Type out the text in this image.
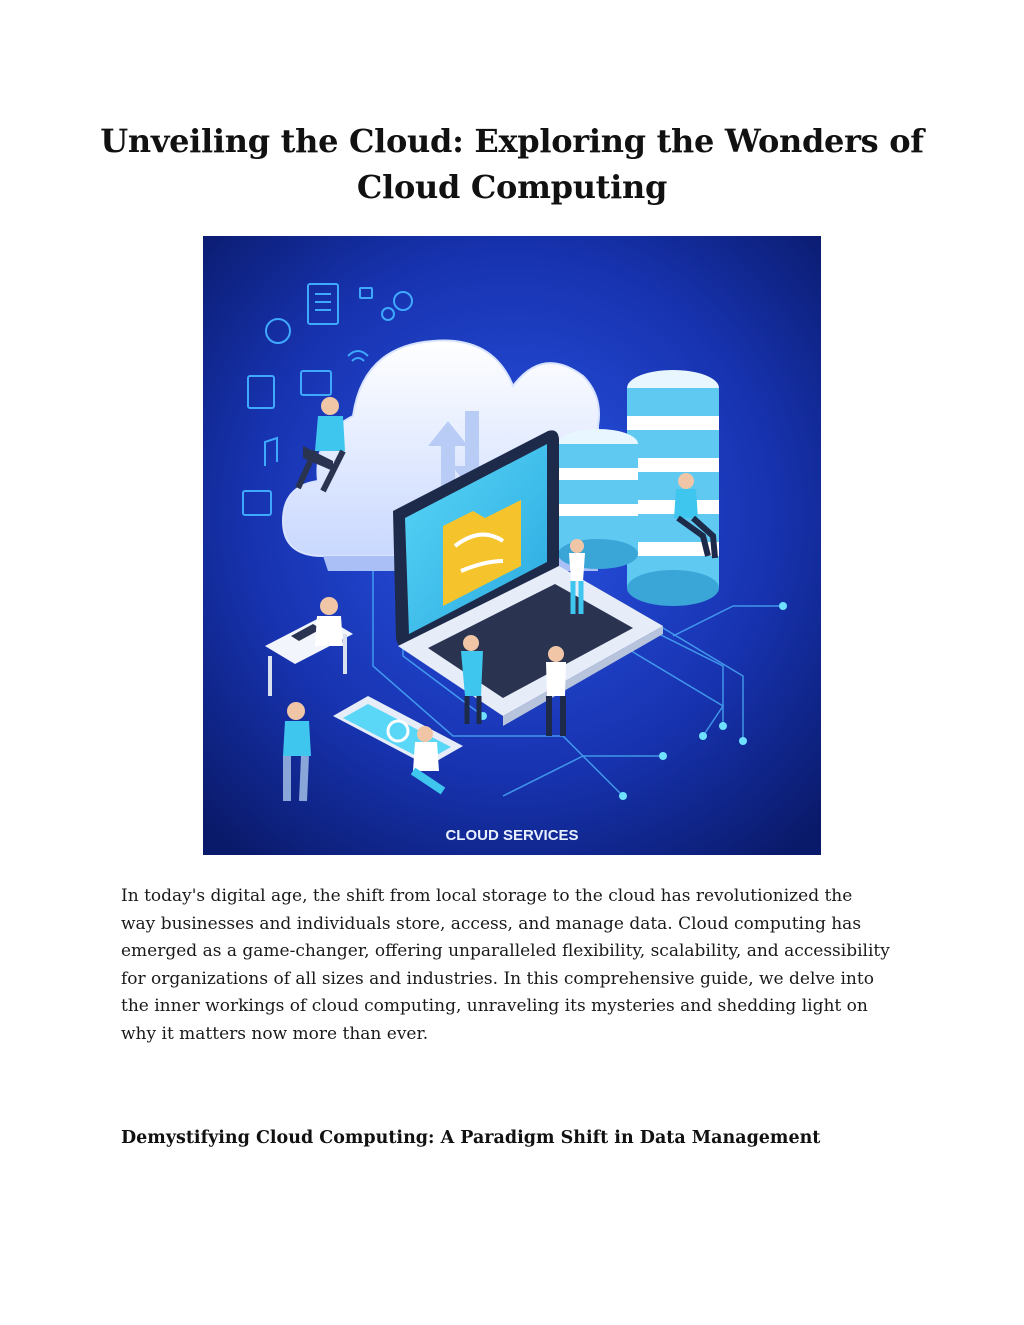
Unveiling the Cloud: Exploring the Wonders of Cloud Computing
CLOUD SERVICES

In today's digital age, the shift from local storage to the cloud has revolutionized the way businesses and individuals store, access, and manage data. Cloud computing has emerged as a game-changer, offering unparalleled flexibility, scalability, and accessibility for organizations of all sizes and industries. In this comprehensive guide, we delve into the inner workings of cloud computing, unraveling its mysteries and shedding light on why it matters now more than ever.

Demystifying Cloud Computing: A Paradigm Shift in Data Management
